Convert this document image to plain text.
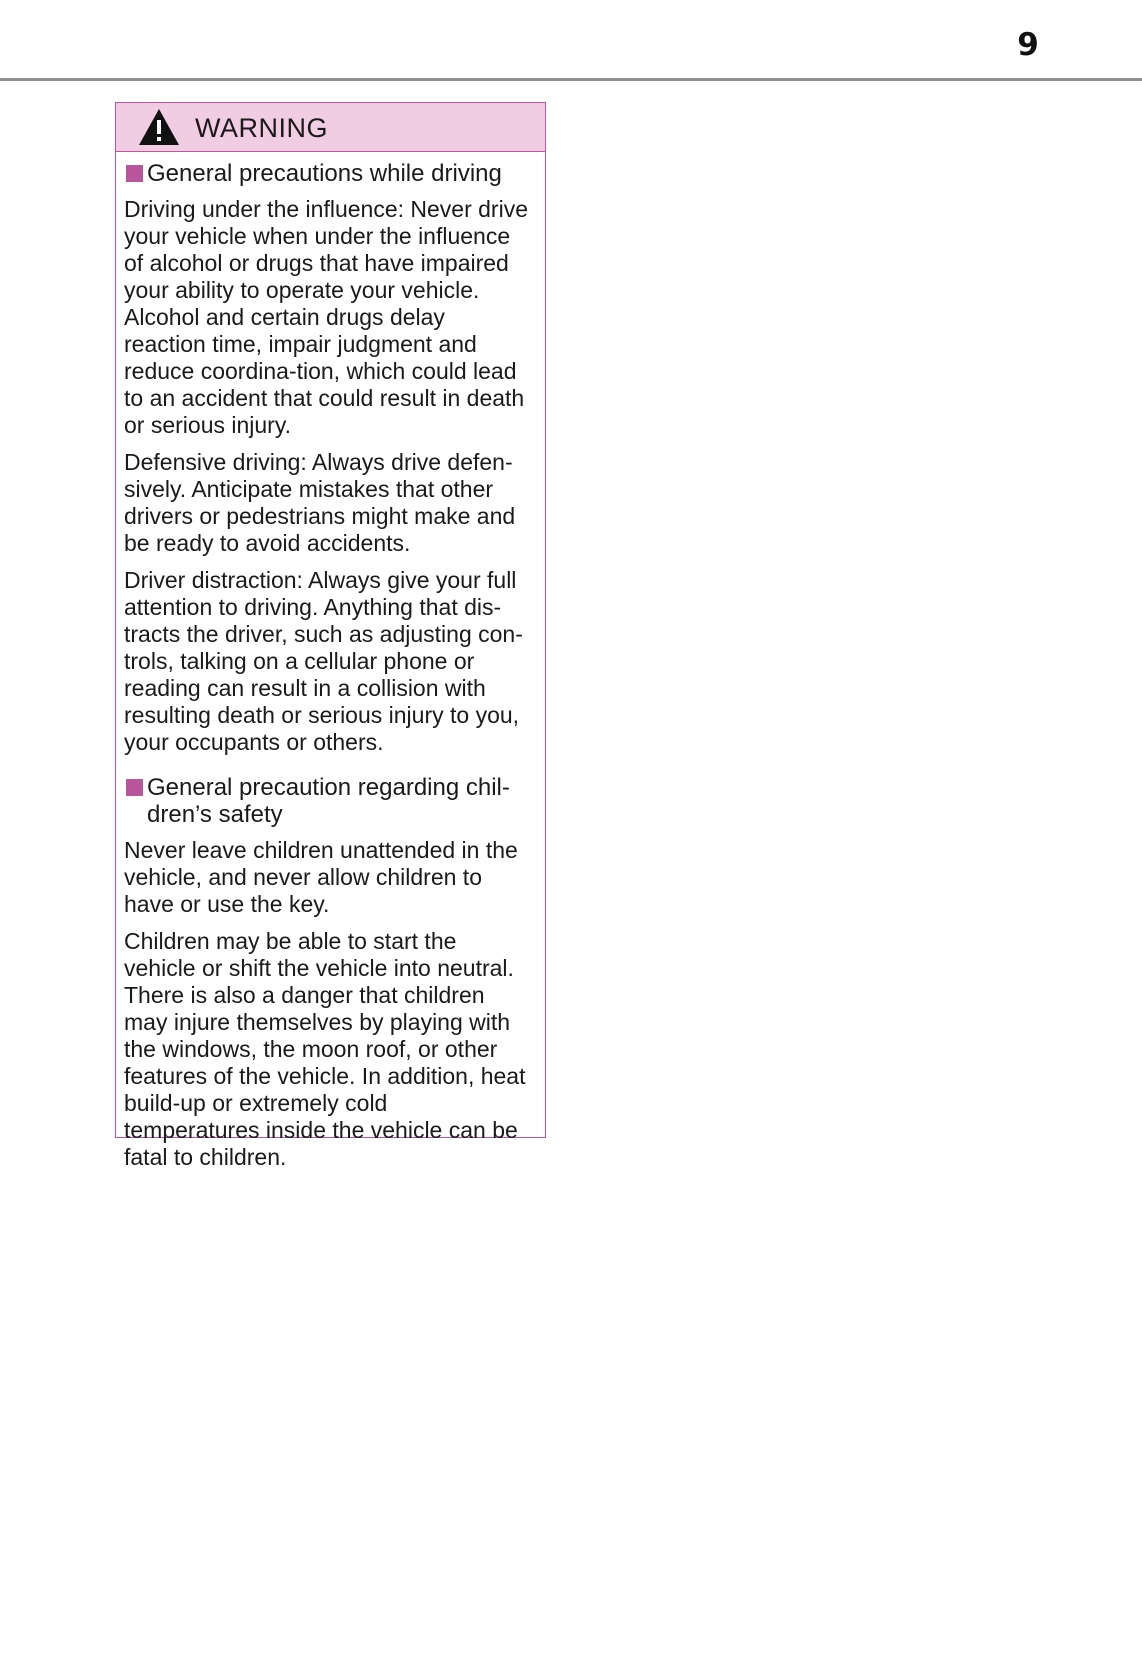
9
WARNING
General precautions while driving

Driving under the influence: Never drive your vehicle when under the influence of alcohol or drugs that have impaired your ability to operate your vehicle. Alcohol and certain drugs delay reaction time, impair judgment and reduce coordina-tion, which could lead to an accident that could result in death or serious injury.

Defensive driving: Always drive defen-sively. Anticipate mistakes that other drivers or pedestrians might make and be ready to avoid accidents.

Driver distraction: Always give your full attention to driving. Anything that dis-tracts the driver, such as adjusting con-trols, talking on a cellular phone or reading can result in a collision with resulting death or serious injury to you, your occupants or others.

General precaution regarding chil-dren’s safety

Never leave children unattended in the vehicle, and never allow children to have or use the key.

Children may be able to start the vehicle or shift the vehicle into neutral. There is also a danger that children may injure themselves by playing with the windows, the moon roof, or other features of the vehicle. In addition, heat build-up or extremely cold temperatures inside the vehicle can be fatal to children.
